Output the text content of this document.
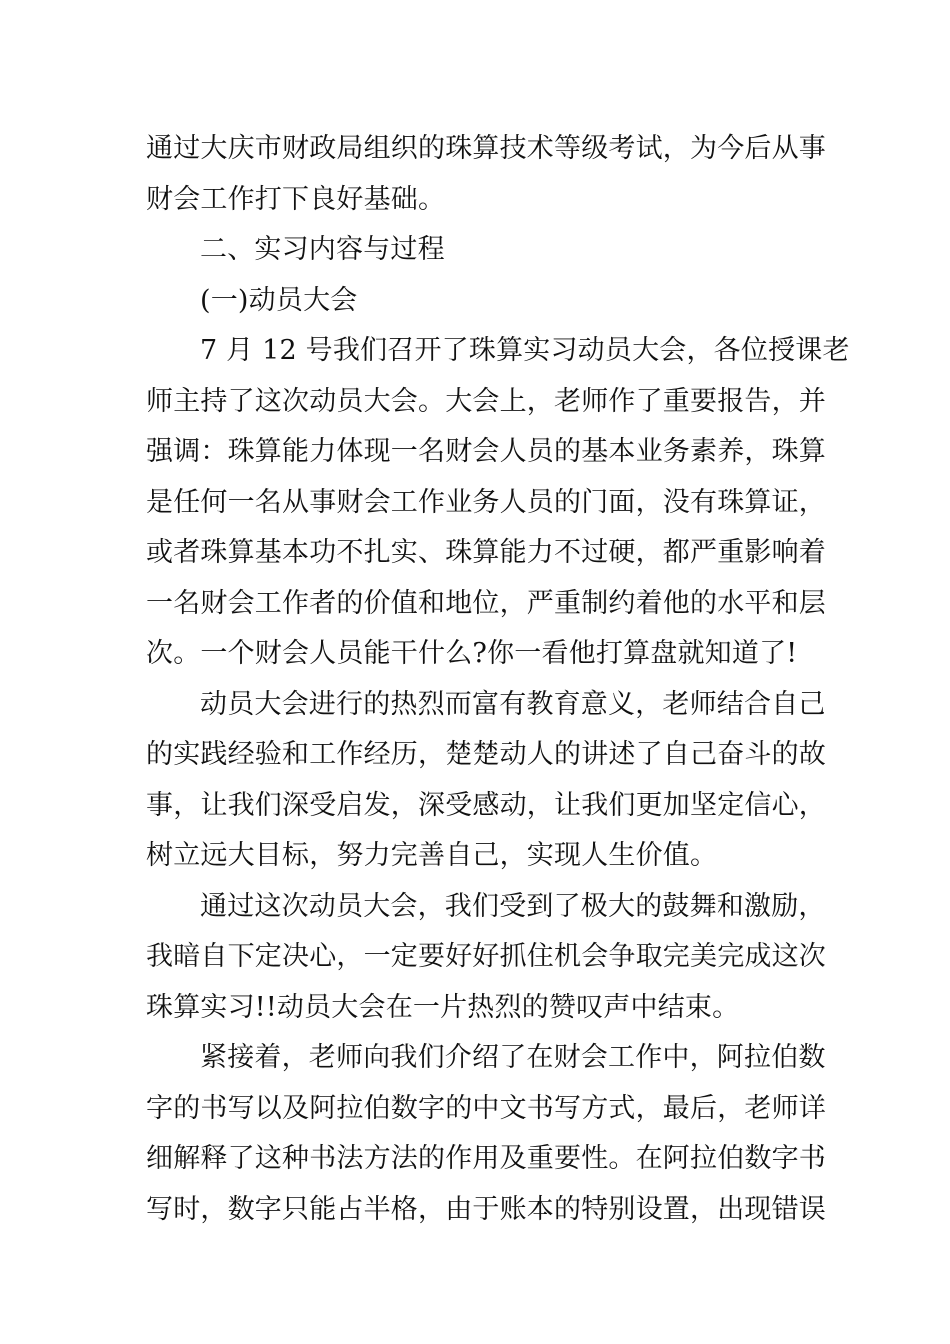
通过大庆市财政局组织的珠算技术等级考试，为今后从事
财会工作打下良好基础。
二、实习内容与过程
(一)动员大会
7 月 12 号我们召开了珠算实习动员大会，各位授课老
师主持了这次动员大会。大会上，老师作了重要报告，并
强调：珠算能力体现一名财会人员的基本业务素养，珠算
是任何一名从事财会工作业务人员的门面，没有珠算证，
或者珠算基本功不扎实、珠算能力不过硬，都严重影响着
一名财会工作者的价值和地位，严重制约着他的水平和层
次。一个财会人员能干什么?你一看他打算盘就知道了!
动员大会进行的热烈而富有教育意义，老师结合自己
的实践经验和工作经历，楚楚动人的讲述了自己奋斗的故
事，让我们深受启发，深受感动，让我们更加坚定信心，
树立远大目标，努力完善自己，实现人生价值。
通过这次动员大会，我们受到了极大的鼓舞和激励，
我暗自下定决心，一定要好好抓住机会争取完美完成这次
珠算实习!!动员大会在一片热烈的赞叹声中结束。
紧接着，老师向我们介绍了在财会工作中，阿拉伯数
字的书写以及阿拉伯数字的中文书写方式，最后，老师详
细解释了这种书法方法的作用及重要性。在阿拉伯数字书
写时，数字只能占半格，由于账本的特别设置，出现错误
